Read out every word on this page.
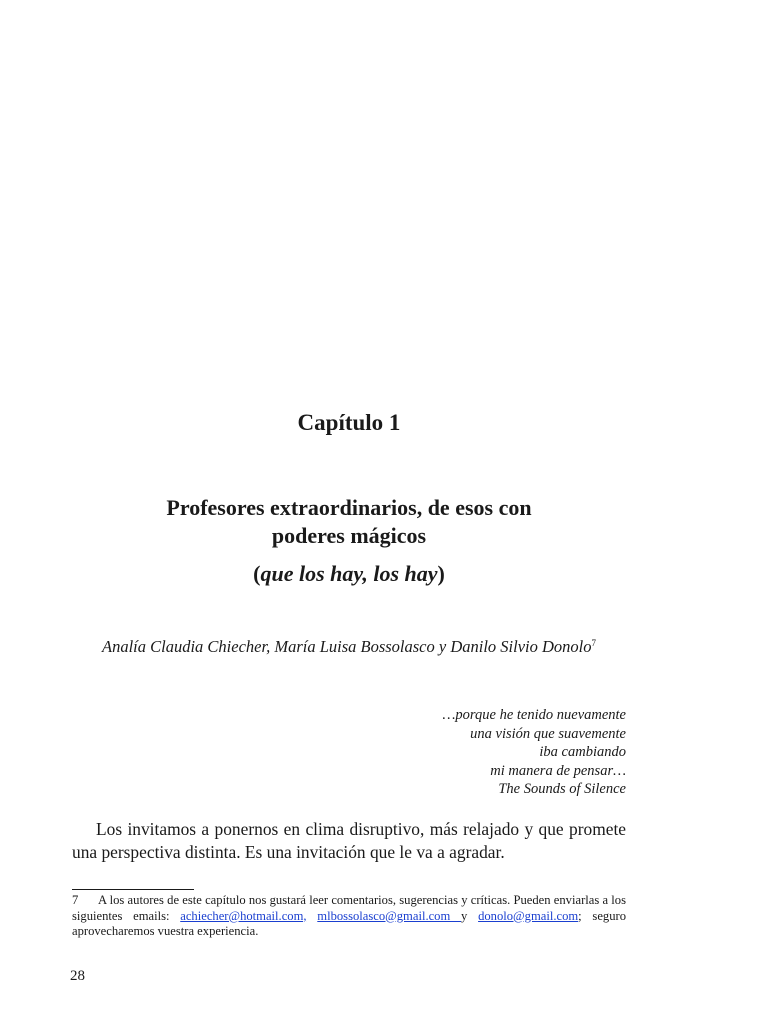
Capítulo 1
Profesores extraordinarios, de esos con
poderes mágicos
(que los hay, los hay)
Analía Claudia Chiecher, María Luisa Bossolasco y Danilo Silvio Donolo$^7$
…porque he tenido nuevamente
una visión que suavemente
iba cambiando
mi manera de pensar…
The Sounds of Silence

Los invitamos a ponernos en clima disruptivo, más relajado y que promete una perspectiva distinta. Es una invitación que le va a agradar.

7 A los autores de este capítulo nos gustará leer comentarios, sugerencias y críticas. Pueden enviarlas a los siguientes emails: achiecher@hotmail.com, mlbossolasco@gmail.com y donolo@gmail.com; seguro aprovecharemos vuestra experiencia.
28
